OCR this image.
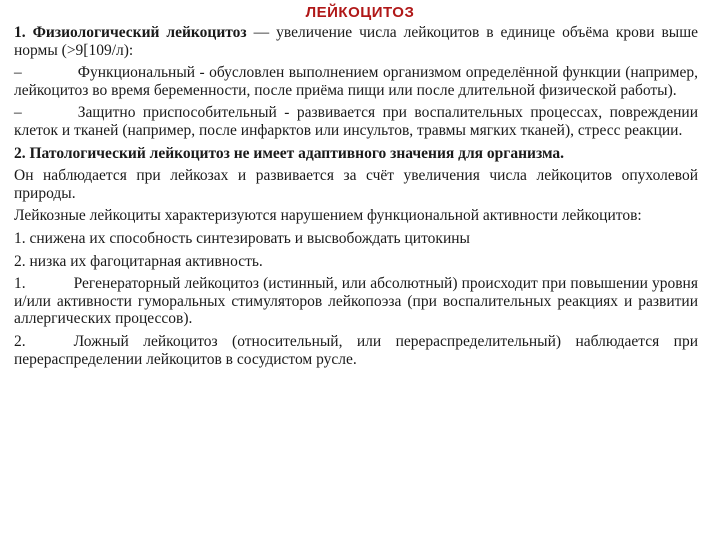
ЛЕЙКОЦИТОЗ

1. Физиологический лейкоцитоз — увеличение числа лейкоцитов в единице объёма крови выше нормы (>9[109/л):

–	Функциональный - обусловлен выполнением организмом определённой функции (например, лейкоцитоз во время беременности, после приёма пищи или после длительной физической работы).

–	Защитно приспособительный - развивается при воспалительных процессах, повреждении клеток и тканей (например, после инфарктов или инсультов, травмы мягких тканей), стресс реакции.

2. Патологический лейкоцитоз не имеет адаптивного значения для организма.

Он наблюдается при лейкозах и развивается за счёт увеличения числа лейкоцитов опухолевой природы.

Лейкозные лейкоциты характеризуются нарушением функциональной активности лейкоцитов:

1. снижена их способность синтезировать и высвобождать цитокины

2. низка их фагоцитарная активность.

1.	Регенераторный лейкоцитоз (истинный, или абсолютный) происходит при повышении уровня и/или активности гуморальных стимуляторов лейкопоэза (при воспалительных реакциях и развитии аллергических процессов).

2.	Ложный лейкоцитоз (относительный, или перераспределительный) наблюдается при перераспределении лейкоцитов в сосудистом русле.
